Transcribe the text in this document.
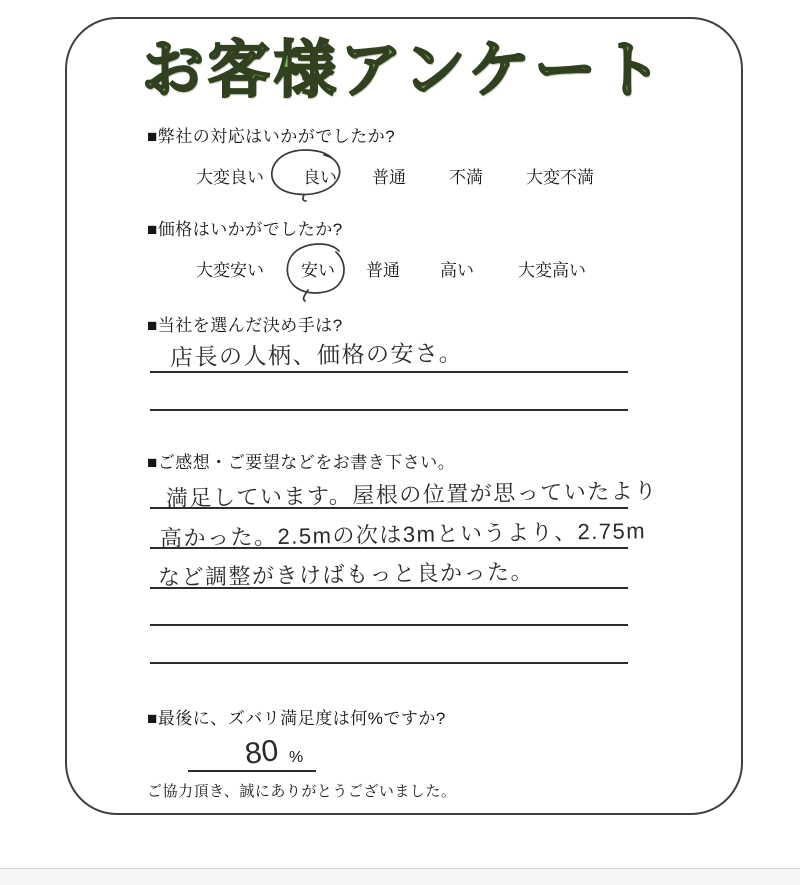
お客様アンケート
■弊社の対応はいかがでしたか?
大変良い 良い 普通	不満	大変不満
■価格はいかがでしたか?
大変安い 安い 普通 高い	大変高い
■当社を選んだ決め手は?
店長の人柄、価格の安さ。
■ご感想・ご要望などをお書き下さい。
満足しています。屋根の位置が思っていたより
高かった。2.5mの次は3mというより、2.75m
など調整がきけばもっと良かった。
■最後に、ズバリ満足度は何%ですか?
80 %
ご協力頂き、誠にありがとうございました。
